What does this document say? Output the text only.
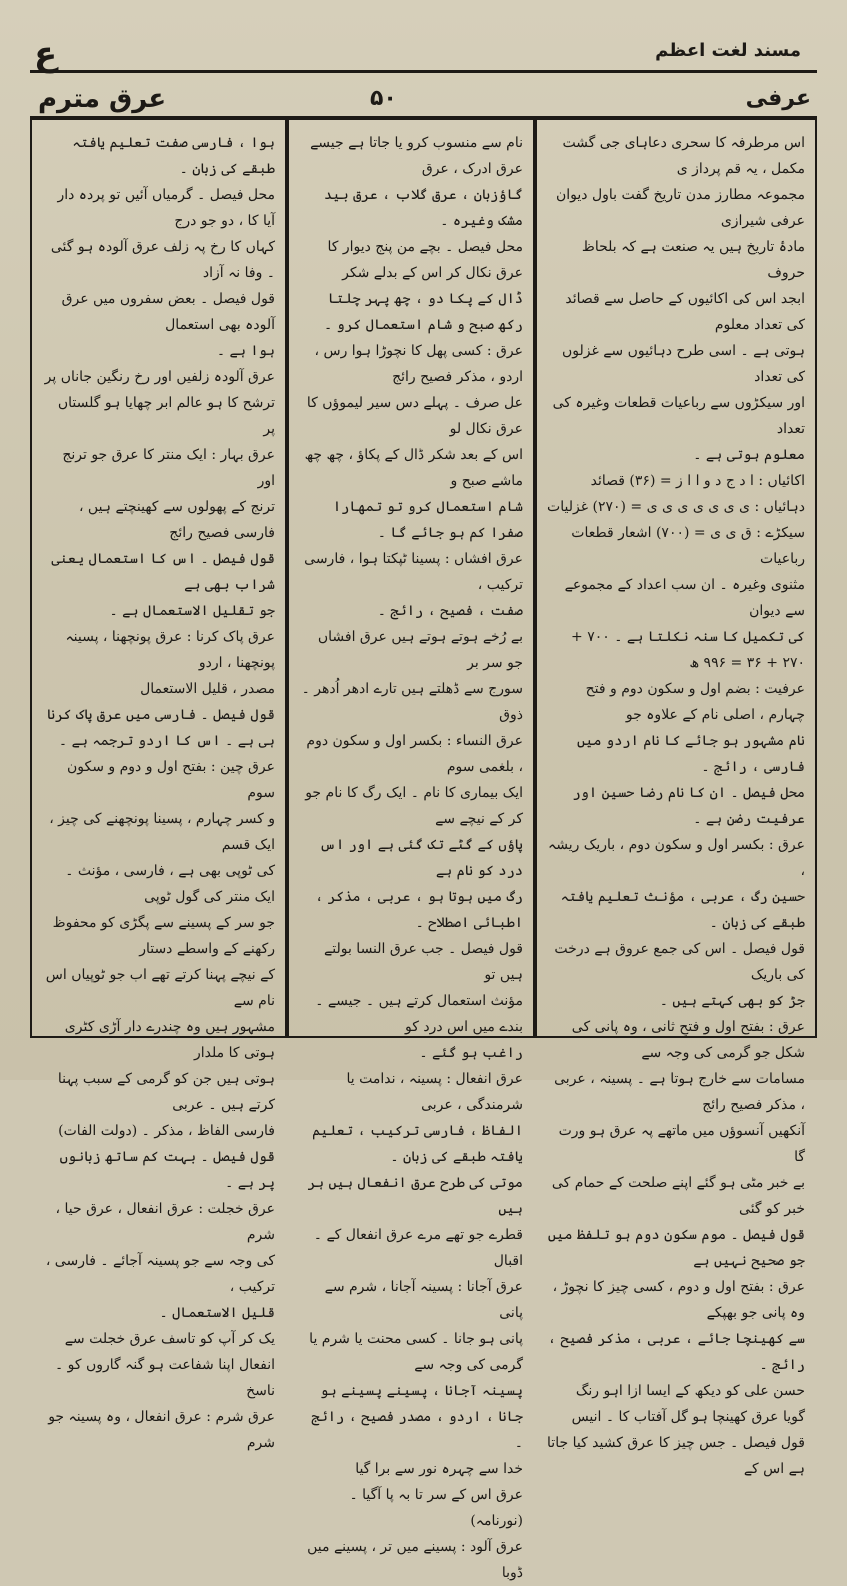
ع
عرق مترم	۵۰
مسند لغت اعظم
عرفی
اس مرطرفہ کا سحری دعاہای جی گشت مکمل ، یہ قم پرداز ی
مجموعہ مطارز مدن تاریخ گفت باول دیوان عرفی شیرازی
مادۂ تاریخ ہیں یہ صنعت ہے کہ بلحاظ حروف
ابجد اس کی اکائیوں کے حاصل سے قصائد کی تعداد معلوم
ہوتی ہے ۔ اسی طرح دہائیوں سے غزلوں کی تعداد
اور سیکڑوں سے رباعیات قطعات وغیرہ کی تعداد
معلوم ہوتی ہے ۔
اکائیاں : ا د ج د و ا ا ز = (۳۶) قصائد
دہائیاں : ی ی ی ی ی ی ی = (۲۷۰) غزلیات
سیکڑے : ق ی ی = (۷۰۰) اشعار قطعات رباعیات
مثنوی وغیرہ ۔ ان سب اعداد کے مجموعے سے دیوان
کی تکمیل کا سنہ نکلتا ہے ۔ ۷۰۰ + ۲۷۰ + ۳۶ = ۹۹۶ ھ
عرفیت : بضم اول و سکون دوم و فتح چہارم ، اصلی نام کے علاوہ جو
نام مشہور ہو جائے کا نام اردو میں فارسی ، رائج ۔
محل فیصل ۔ ان کا نام رضا حسین اور عرفیت رضن ہے ۔
عرق : بکسر اول و سکون دوم ، باریک ریشہ ،
حسین رگ ، عربی ، مؤنث تعلیم یافتہ طبقے کی زبان ۔
قول فیصل ۔ اس کی جمع عروق ہے درخت کی باریک
جڑ کو بھی کہتے ہیں ۔
عرق : بفتح اول و فتحِ ثانی ، وہ پانی کی شکل جو گرمی کی وجہ سے
مسامات سے خارج ہوتا ہے ۔ پسینہ ، عربی ، مذکر فصیح رائج
آنکھیں آنسوؤں میں ماتھے پہ عرق ہو ورت گا
بے خبر مٹی ہو گئے اپنے صلحت کے حمام کی خبر کو گئی
قول فیصل ۔ موم سکون دوم ہو تلفظ میں جو صحیح نہیں ہے
عرق : بفتح اول و دوم ، کسی چیز کا نچوڑ ، وہ پانی جو بھپکے
سے کھینچا جائے ، عربی ، مذکر فصیح ، رائج ۔
حسن علی کو دیکھ کے ایسا ازا اہو رنگ
گویا عرق کھینچا ہو گل آفتاب کا ۔ انیس
قول فیصل ۔ جس چیز کا عرق کشید کیا جاتا ہے اس کے
نام سے منسوب کرو یا جاتا ہے جیسے عرق ادرک ، عرق
گاؤزبان ، عرق گلاب ، عرق بید مشک وغیرہ ۔
محل فیصل ۔ بچے من پنج دیوار کا عرق نکال کر اس کے بدلے شکر
ڈال کے پکا دو ، چھ پہر چلتا رکھ صبح و شام استعمال کرو ۔
عرق : کسی پھل کا نچوڑا ہوا رس ، اردو ، مذکر فصیح رائج
عل صرف ۔ پہلے دس سیر لیموؤں کا عرق نکال لو
اس کے بعد شکر ڈال کے پکاؤ ، چھ چھ ماشے صبح و
شام استعمال کرو تو تمھارا صفرا کم ہو جائے گا ۔
عرق افشاں : پسینا ٹپکتا ہوا ، فارسی ترکیب ،
صفت ، فصیح ، رائج ۔
بے رُخے ہوتے ہوتے ہیں عرق افشاں جو سر بر
سورج سے ڈھلتے ہیں تارے ادھر اُدھر ۔ ذوق
عرق النساء : بکسر اول و سکون دوم ، بلغمی سوم
ایک بیماری کا نام ۔ ایک رگ کا نام جو کر کے نیچے سے
پاؤں کے گٹے تک گئی ہے اور اس درد کو نام ہے
رگ میں ہوتا ہو ، عربی ، مذکر ، اطبائی اصطلاح ۔
قول فیصل ۔ جب عرق النسا بولتے ہیں تو
مؤنث استعمال کرتے ہیں ۔ جیسے ۔ بندے میں اس درد کو
راغب ہو گئے ۔
عرق انفعال : پسینہ ، ندامت یا شرمندگی ، عربی
الفاظ ، فارسی ترکیب ، تعلیم یافتہ طبقے کی زبان ۔
موتی کی طرح عرق انفعال ہیں ہر ہیں
قطرے جو تھے مرے عرق انفعال کے ۔ اقبال
عرق آجانا : پسینہ آجانا ، شرم سے پانی
پانی ہو جانا ۔ کسی محنت یا شرم یا گرمی کی وجہ سے
پسینہ آجانا ، پسینے پسینے ہو جانا ، اردو ، مصدر فصیح ، رائج ۔
خدا سے چہرہ نور سے برا گیا
عرق اس کے سر تا بہ پا آگیا ۔ (نورنامہ)
عرق آلود : پسینے میں تر ، پسینے میں ڈوبا
ہوا ، فارسی صفت تعلیم یافتہ طبقے کی زبان ۔
محل فیصل ۔ گرمیاں آئیں تو پردہ دار آیا کا ، دو جو درج
کہاں کا رخ پہ زلف عرق آلودہ ہو گئی ۔ وفا نہ آزاد
قول فیصل ۔ بعض سفروں میں عرق آلودہ بھی استعمال
ہوا ہے ۔
عرق آلودہ زلفیں اور رخ رنگین جاناں پر
ترشح کا ہو عالم ابر چھایا ہو گلستاں پر
عرق بہار : ایک منتر کا عرق جو ترنج اور
ترنج کے پھولوں سے کھینچتے ہیں ، فارسی فصیح رائج
قول فیصل ۔ اس کا استعمال یعنی شراب بھی ہے
جو تقلیل الاستعمال ہے ۔
عرق پاک کرنا : عرق پونچھنا ، پسینہ پونچھنا ، اردو
مصدر ، قلیل الاستعمال
قول فیصل ۔ فارسی میں عرق پاک کرنا ہی ہے ۔ اس کا اردو ترجمہ ہے ۔
عرق چین : بفتح اول و دوم و سکون سوم
و کسر چہارم ، پسینا پونچھنے کی چیز ، ایک قسم
کی ٹوپی بھی ہے ، فارسی ، مؤنث ۔ ایک منتر کی گول ٹوپی
جو سر کے پسینے سے پگڑی کو محفوظ رکھنے کے واسطے دستار
کے نیچے پہنا کرتے تھے اب جو ٹوپیاں اس نام سے
مشہور ہیں وہ چندرے دار آڑی کٹری ہوتی کا ملدار
ہوتی ہیں جن کو گرمی کے سبب پہنا کرتے ہیں ۔ عربی
فارسی الفاظ ، مذکر ۔ (دولت الفات)
قول فیصل ۔ بہت کم ساتھ زبانوں پر ہے ۔
عرق خجلت : عرق انفعال ، عرق حیا ، شرم
کی وجہ سے جو پسینہ آجائے ۔ فارسی ، ترکیب ،
قلیل الاستعمال ۔
یک کر آپ کو تاسف عرق خجلت سے
انفعال اپنا شفاعت ہو گنہ گاروں کو ۔ ناسخ
عرق شرم : عرق انفعال ، وہ پسینہ جو شرم
